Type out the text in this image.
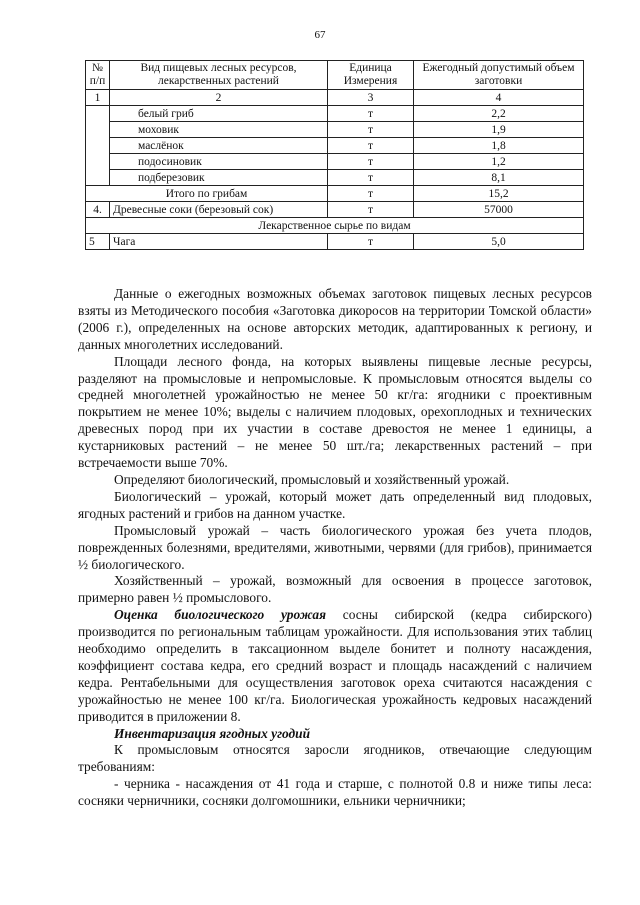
67
№ п/п	Вид пищевых лесных ресурсов, лекарственных растений	Единица Измерения	Ежегодный допустимый объем заготовки
1	2	3	4
	белый гриб	т	2,2
	моховик	т	1,9
	маслёнок	т	1,8
	подосиновик	т	1,2
	подберезовик	т	8,1
Итого по грибам		т	15,2
4.	Древесные соки (березовый сок)	т	57000
Лекарственное сырье по видам			
5	Чага	т	5,0

Данные о ежегодных возможных объемах заготовок пищевых лесных ресурсов взяты из Методического пособия «Заготовка дикоросов на территории Томской области» (2006 г.), определенных на основе авторских методик, адаптированных к региону, и данных многолетних исследований.

Площади лесного фонда, на которых выявлены пищевые лесные ресурсы, разделяют на промысловые и непромысловые. К промысловым относятся выделы со средней многолетней урожайностью не менее 50 кг/га: ягодники с проективным покрытием не менее 10%; выделы с наличием плодовых, орехоплодных и технических древесных пород при их участии в составе древостоя не менее 1 единицы, а кустарниковых растений – не менее 50 шт./га; лекарственных растений – при встречаемости выше 70%.

Определяют биологический, промысловый и хозяйственный урожай.

Биологический – урожай, который может дать определенный вид плодовых, ягодных растений и грибов на данном участке.

Промысловый урожай – часть биологического урожая без учета плодов, поврежденных болезнями, вредителями, животными, червями (для грибов), принимается ½ биологического.

Хозяйственный – урожай, возможный для освоения в процессе заготовок, примерно равен ½ промыслового.

Оценка биологического урожая сосны сибирской (кедра сибирского) производится по региональным таблицам урожайности. Для использования этих таблиц необходимо определить в таксационном выделе бонитет и полноту насаждения, коэффициент состава кедра, его средний возраст и площадь насаждений с наличием кедра. Рентабельными для осуществления заготовок ореха считаются насаждения с урожайностью не менее 100 кг/га. Биологическая урожайность кедровых насаждений приводится в приложении 8.

Инвентаризация ягодных угодий

К промысловым относятся заросли ягодников, отвечающие следующим требованиям:

- черника - насаждения от 41 года и старше, с полнотой 0.8 и ниже типы леса: сосняки черничники, сосняки долгомошники, ельники черничники;
